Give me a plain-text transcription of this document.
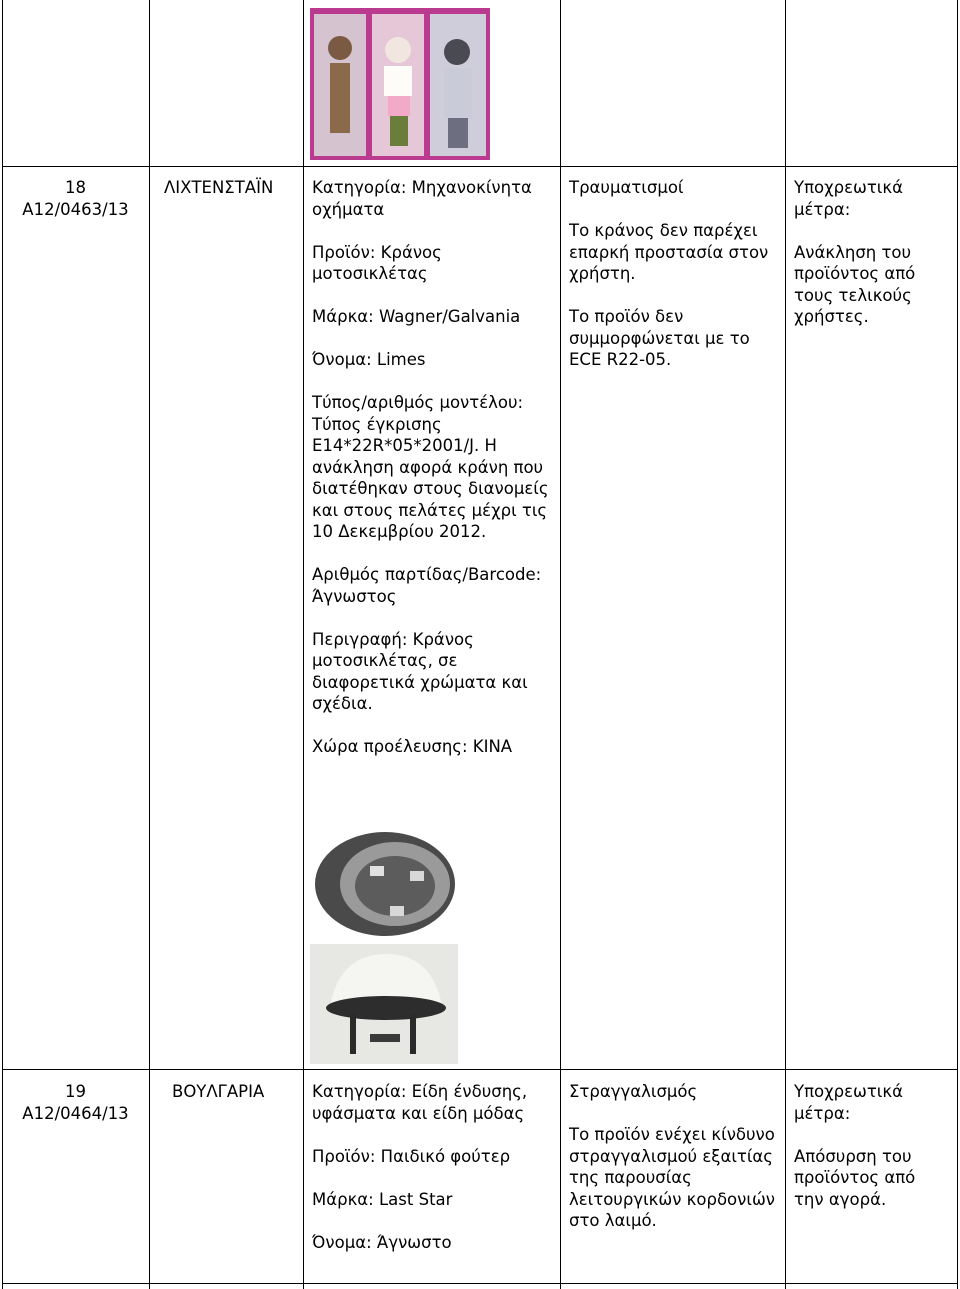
18
A12/0463/13
ΛΙΧΤΕΝΣΤΑΪΝ	Κατηγορία: Μηχανοκίνητα οχήματα

Προϊόν: Κράνος μοτοσικλέτας

Μάρκα: Wagner/Galvania

Όνομα: Limes

Τύπος/αριθμός μοντέλου: Τύπος έγκρισης E14*22R*05*2001/J. Η ανάκληση αφορά κράνη που διατέθηκαν στους διανομείς και στους πελάτες μέχρι τις 10 Δεκεμβρίου 2012.

Αριθμός παρτίδας/Barcode: Άγνωστος

Περιγραφή: Κράνος μοτοσικλέτας, σε διαφορετικά χρώματα και σχέδια.

Χώρα προέλευσης: ΚΙΝΑ

Τραυματισμοί

Το κράνος δεν παρέχει επαρκή προστασία στον χρήστη.

Το προϊόν δεν συμμορφώνεται με το ECE R22-05.

Υποχρεωτικά μέτρα:

Ανάκληση του προϊόντος από τους τελικούς χρήστες.

19
A12/0464/13
ΒΟΥΛΓΑΡΙΑ	Κατηγορία: Είδη ένδυσης, υφάσματα και είδη μόδας

Προϊόν: Παιδικό φούτερ

Μάρκα: Last Star

Όνομα: Άγνωστο

Στραγγαλισμός

Το προϊόν ενέχει κίνδυνο στραγγαλισμού εξαιτίας της παρουσίας λειτουργικών κορδονιών στο λαιμό.

Υποχρεωτικά μέτρα:

Απόσυρση του προϊόντος από την αγορά.
